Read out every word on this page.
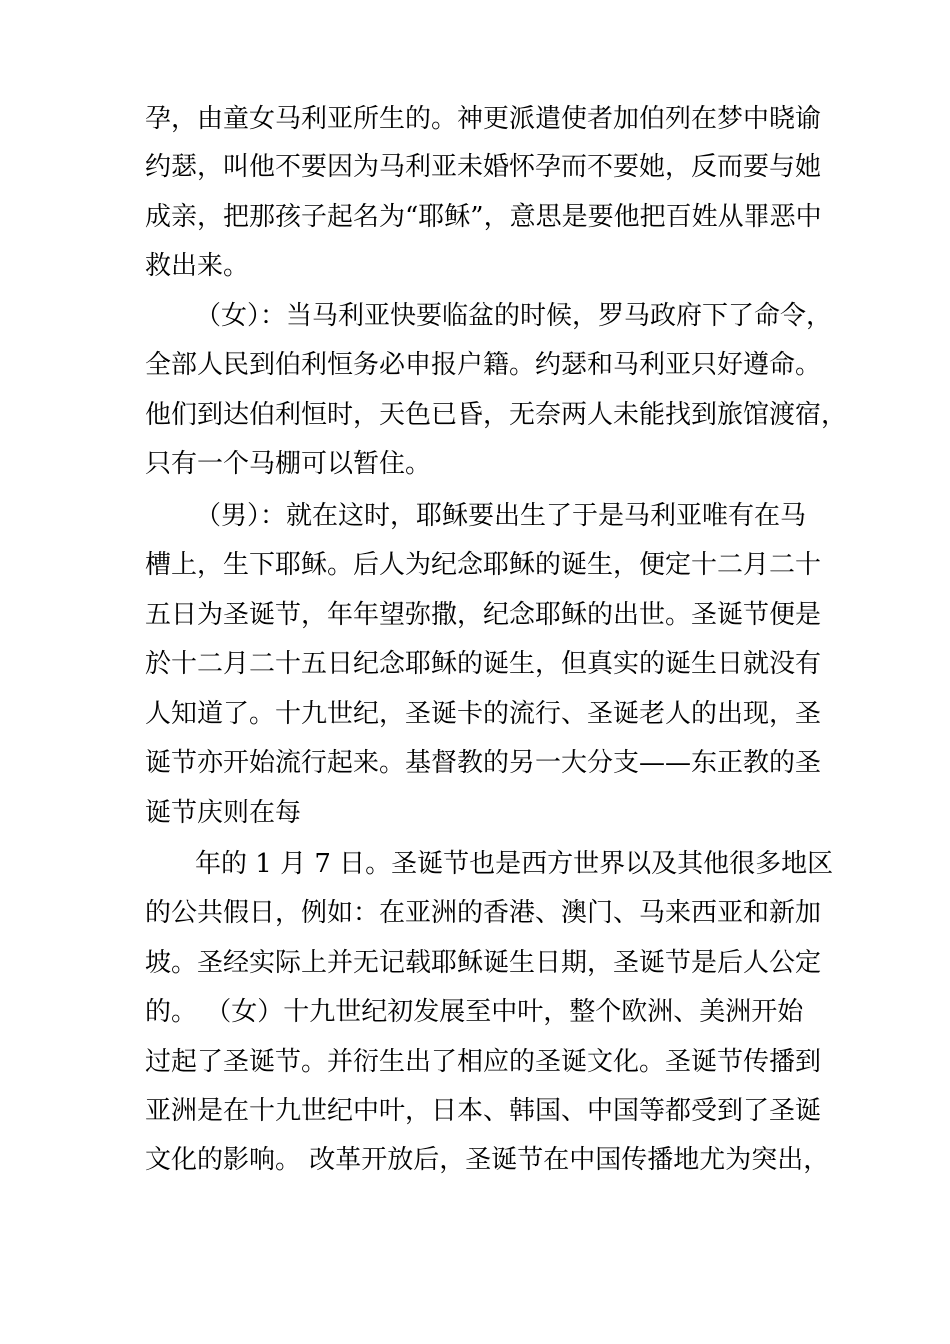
孕，由童女马利亚所生的。神更派遣使者加伯列在梦中晓谕
约瑟，叫他不要因为马利亚未婚怀孕而不要她，反而要与她
成亲，把那孩子起名为“耶稣”，意思是要他把百姓从罪恶中
救出来。
（女）：当马利亚快要临盆的时候，罗马政府下了命令，
全部人民到伯利恒务必申报户籍。约瑟和马利亚只好遵命。
他们到达伯利恒时，天色已昏，无奈两人未能找到旅馆渡宿，
只有一个马棚可以暂住。
（男）：就在这时，耶稣要出生了于是马利亚唯有在马
槽上，生下耶稣。后人为纪念耶稣的诞生，便定十二月二十
五日为圣诞节，年年望弥撒，纪念耶稣的出世。圣诞节便是
於十二月二十五日纪念耶稣的诞生，但真实的诞生日就没有
人知道了。十九世纪，圣诞卡的流行、圣诞老人的出现，圣
诞节亦开始流行起来。基督教的另一大分支——东正教的圣
诞节庆则在每
年的 1 月 7 日。圣诞节也是西方世界以及其他很多地区
的公共假日，例如：在亚洲的香港、澳门、马来西亚和新加
坡。圣经实际上并无记载耶稣诞生日期，圣诞节是后人公定
的。 （女）十九世纪初发展至中叶，整个欧洲、美洲开始
过起了圣诞节。并衍生出了相应的圣诞文化。圣诞节传播到
亚洲是在十九世纪中叶，日本、韩国、中国等都受到了圣诞
文化的影响。 改革开放后，圣诞节在中国传播地尤为突出，
